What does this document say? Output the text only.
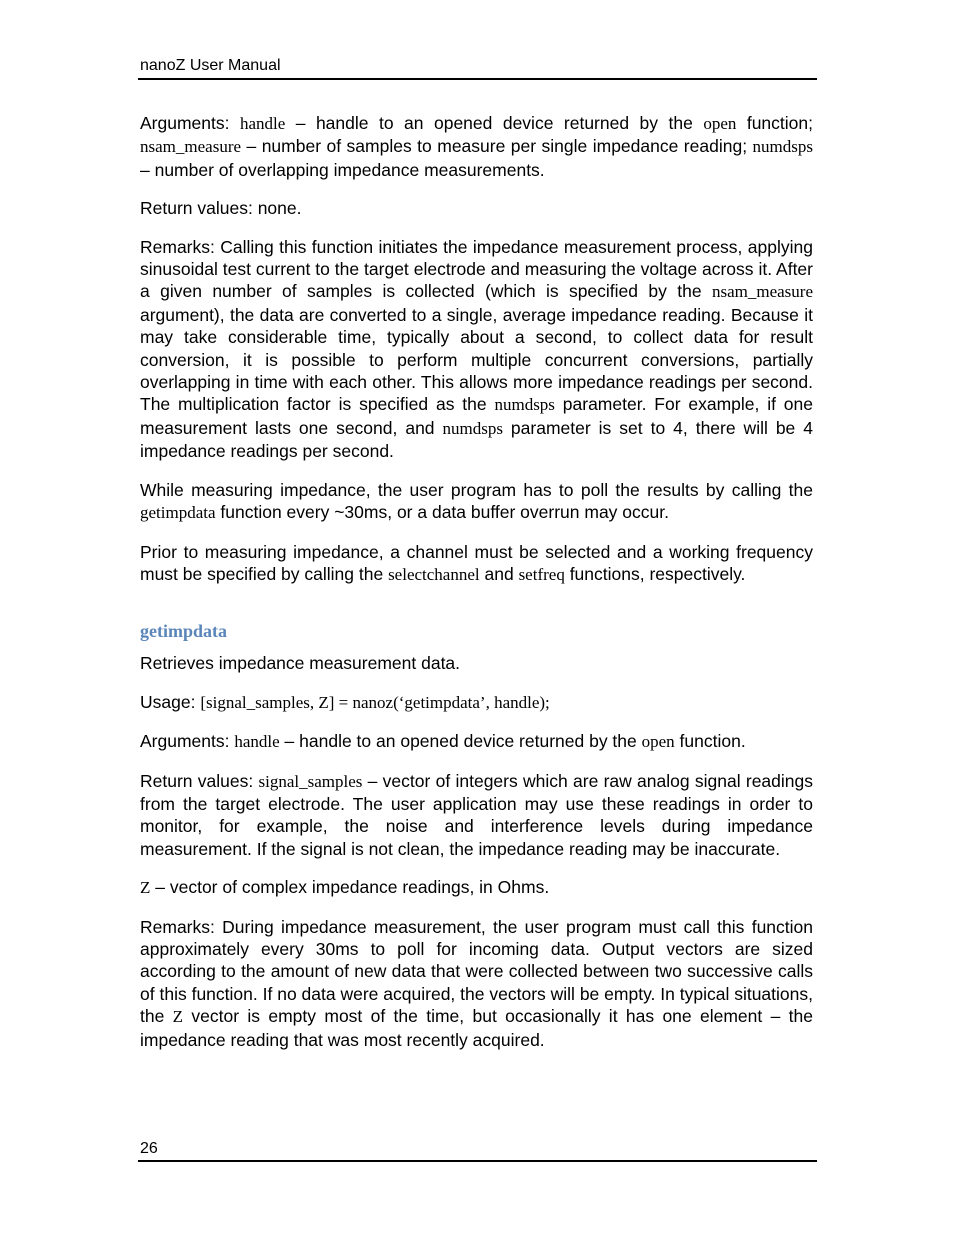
nanoZ User Manual

Arguments: handle – handle to an opened device returned by the open function; nsam_measure – number of samples to measure per single impedance reading; numdsps – number of overlapping impedance measurements.

Return values: none.

Remarks: Calling this function initiates the impedance measurement process, applying sinusoidal test current to the target electrode and measuring the voltage across it. After a given number of samples is collected (which is specified by the nsam_measure argument), the data are converted to a single, average impedance reading. Because it may take considerable time, typically about a second, to collect data for result conversion, it is possible to perform multiple concurrent conversions, partially overlapping in time with each other. This allows more impedance readings per second. The multiplication factor is specified as the numdsps parameter. For example, if one measurement lasts one second, and numdsps parameter is set to 4, there will be 4 impedance readings per second.

While measuring impedance, the user program has to poll the results by calling the getimpdata function every ~30ms, or a data buffer overrun may occur.

Prior to measuring impedance, a channel must be selected and a working frequency must be specified by calling the selectchannel and setfreq functions, respectively.

getimpdata

Retrieves impedance measurement data.

Usage: [signal_samples, Z] = nanoz(‘getimpdata’, handle);

Arguments: handle – handle to an opened device returned by the open function.

Return values: signal_samples – vector of integers which are raw analog signal readings from the target electrode. The user application may use these readings in order to monitor, for example, the noise and interference levels during impedance measurement. If the signal is not clean, the impedance reading may be inaccurate.

Z – vector of complex impedance readings, in Ohms.

Remarks: During impedance measurement, the user program must call this function approximately every 30ms to poll for incoming data. Output vectors are sized according to the amount of new data that were collected between two successive calls of this function. If no data were acquired, the vectors will be empty. In typical situations, the Z vector is empty most of the time, but occasionally it has one element – the impedance reading that was most recently acquired.

26
